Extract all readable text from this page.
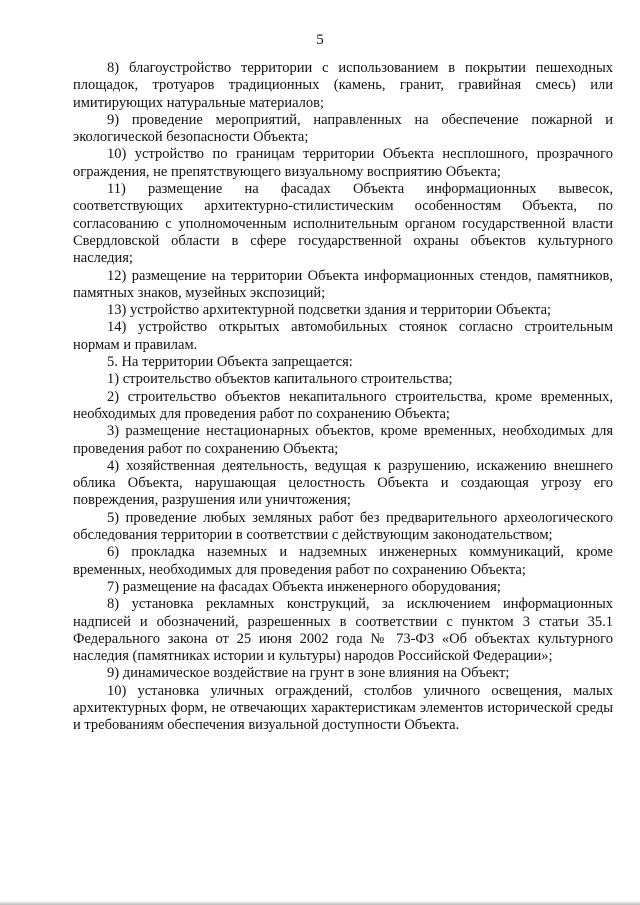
5

8) благоустройство территории с использованием в покрытии пешеходных площадок, тротуаров традиционных (камень, гранит, гравийная смесь) или имитирующих натуральные материалов;

9) проведение мероприятий, направленных на обеспечение пожарной и экологической безопасности Объекта;

10) устройство по границам территории Объекта несплошного, прозрачного ограждения, не препятствующего визуальному восприятию Объекта;

11) размещение на фасадах Объекта информационных вывесок, соответствующих архитектурно-стилистическим особенностям Объекта, по согласованию с уполномоченным исполнительным органом государственной власти Свердловской области в сфере государственной охраны объектов культурного наследия;

12) размещение на территории Объекта информационных стендов, памятников, памятных знаков, музейных экспозиций;

13) устройство архитектурной подсветки здания и территории Объекта;

14) устройство открытых автомобильных стоянок согласно строительным нормам и правилам.

5. На территории Объекта запрещается:

1) строительство объектов капитального строительства;

2) строительство объектов некапитального строительства, кроме временных, необходимых для проведения работ по сохранению Объекта;

3) размещение нестационарных объектов, кроме временных, необходимых для проведения работ по сохранению Объекта;

4) хозяйственная деятельность, ведущая к разрушению, искажению внешнего облика Объекта, нарушающая целостность Объекта и создающая угрозу его повреждения, разрушения или уничтожения;

5) проведение любых земляных работ без предварительного археологического обследования территории в соответствии с действующим законодательством;

6) прокладка наземных и надземных инженерных коммуникаций, кроме временных, необходимых для проведения работ по сохранению Объекта;

7) размещение на фасадах Объекта инженерного оборудования;

8) установка рекламных конструкций, за исключением информационных надписей и обозначений, разрешенных в соответствии с пунктом 3 статьи 35.1 Федерального закона от 25 июня 2002 года № 73-ФЗ «Об объектах культурного наследия (памятниках истории и культуры) народов Российской Федерации»;

9) динамическое воздействие на грунт в зоне влияния на Объект;

10) установка уличных ограждений, столбов уличного освещения, малых архитектурных форм, не отвечающих характеристикам элементов исторической среды и требованиям обеспечения визуальной доступности Объекта.
